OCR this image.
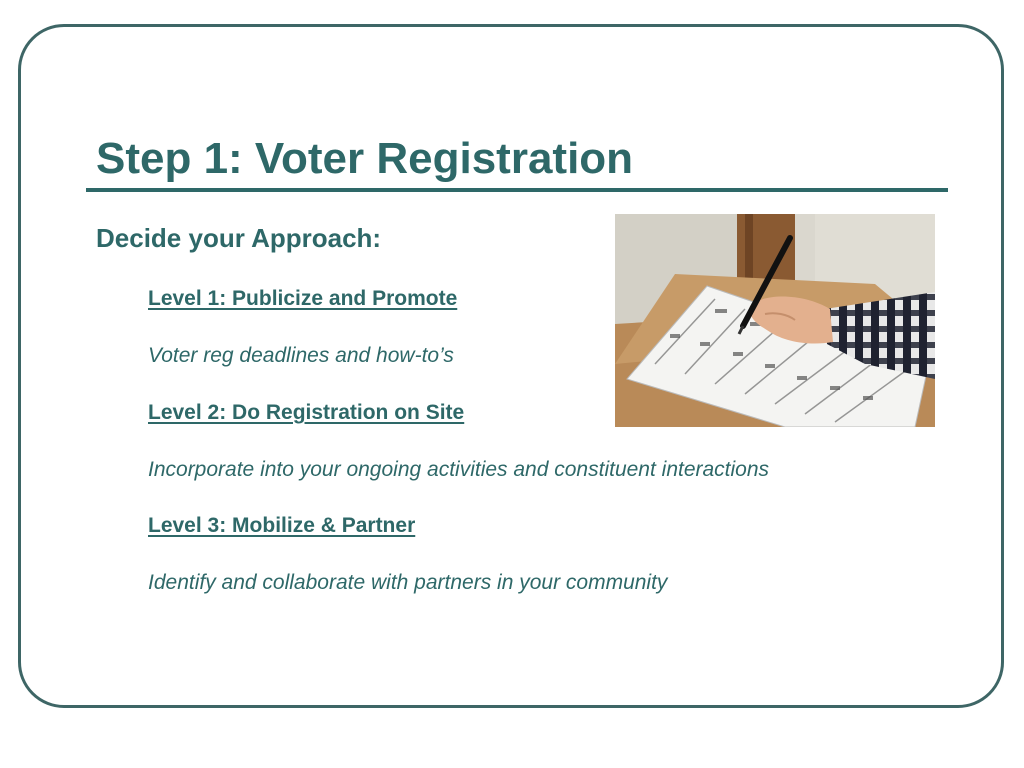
Step 1: Voter Registration
Decide your Approach:
Level 1: Publicize and Promote
Voter reg deadlines and how-to’s
Level 2: Do Registration on Site
Incorporate into your ongoing activities and constituent interactions
Level 3: Mobilize & Partner
Identify and collaborate with partners in your community
